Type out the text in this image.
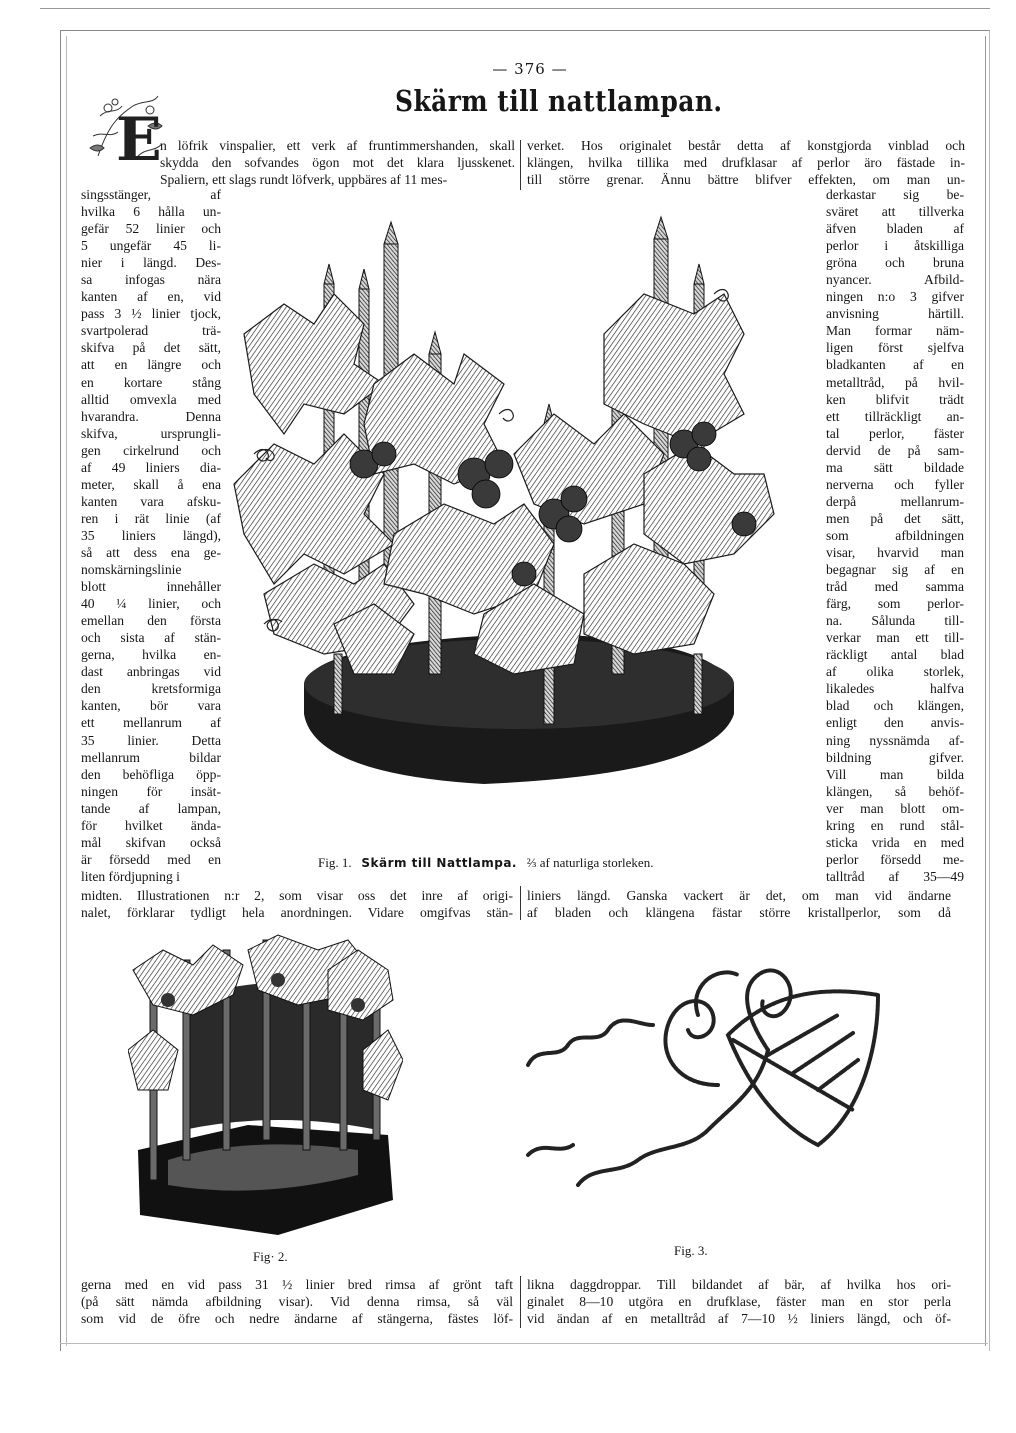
— 376 —
Skärm till nattlampan.
E
n löfrik vinspalier, ett verk af fruntimmershanden, skall
skydda den sofvandes ögon mot det klara ljusskenet.
Spaliern, ett slags rundt löfverk, uppbäres af 11 mes-
singsstänger, af
hvilka 6 hålla un-
gefär 52 linier och
5 ungefär 45 li-
nier i längd. Des-
sa infogas nära
kanten af en, vid
pass 3 ½ linier tjock,
svartpolerad trä-
skifva på det sätt,
att en längre och
en kortare stång
alltid omvexla med
hvarandra. Denna
skifva, ursprungli-
gen cirkelrund och
af 49 liniers dia-
meter, skall å ena
kanten vara afsku-
ren i rät linie (af
35 liniers längd),
så att dess ena ge-
nomskärningslinie
blott innehåller
40 ¼ linier, och
emellan den första
och sista af stän-
gerna, hvilka en-
dast anbringas vid
den kretsformiga
kanten, bör vara
ett mellanrum af
35 linier. Detta
mellanrum bildar
den behöfliga öpp-
ningen för insät-
tande af lampan,
för hvilket ända-
mål skifvan också
är försedd med en
liten fördjupning i
midten. Illustrationen n:r 2, som visar oss det inre af origi-
nalet, förklarar tydligt hela anordningen. Vidare omgifvas stän-
verket. Hos originalet består detta af konstgjorda vinblad och
klängen, hvilka tillika med drufklasar af perlor äro fästade in-
till större grenar. Ännu bättre blifver effekten, om man un-
derkastar sig be-
sväret att tillverka
äfven bladen af
perlor i åtskilliga
gröna och bruna
nyancer. Afbild-
ningen n:o 3 gifver
anvisning härtill.
Man formar näm-
ligen först sjelfva
bladkanten af en
metalltråd, på hvil-
ken blifvit trädt
ett tillräckligt an-
tal perlor, fäster
dervid de på sam-
ma sätt bildade
nerverna och fyller
derpå mellanrum-
men på det sätt,
som afbildningen
visar, hvarvid man
begagnar sig af en
tråd med samma
färg, som perlor-
na. Sålunda till-
verkar man ett till-
räckligt antal blad
af olika storlek,
likaledes halfva
blad och klängen,
enligt den anvis-
ning nyssnämda af-
bildning gifver.
Vill man bilda
klängen, så behöf-
ver man blott om-
kring en rund stål-
sticka vrida en med
perlor försedd me-
talltråd af 35—49
liniers längd. Ganska vackert är det, om man vid ändarne
af bladen och klängena fästar större kristallperlor, som då
gerna med en vid pass 31 ½ linier bred rimsa af grönt taft
(på sätt nämda afbildning visar). Vid denna rimsa, så väl
som vid de öfre och nedre ändarne af stängerna, fästes löf-
likna daggdroppar. Till bildandet af bär, af hvilka hos ori-
ginalet 8—10 utgöra en drufklase, fäster man en stor perla
vid ändan af en metalltråd af 7—10 ½ liniers längd, och öf-
Fig. 1. Skärm till Nattlampa. ⅔ af naturliga storleken.
Fig· 2.	Fig. 3.
